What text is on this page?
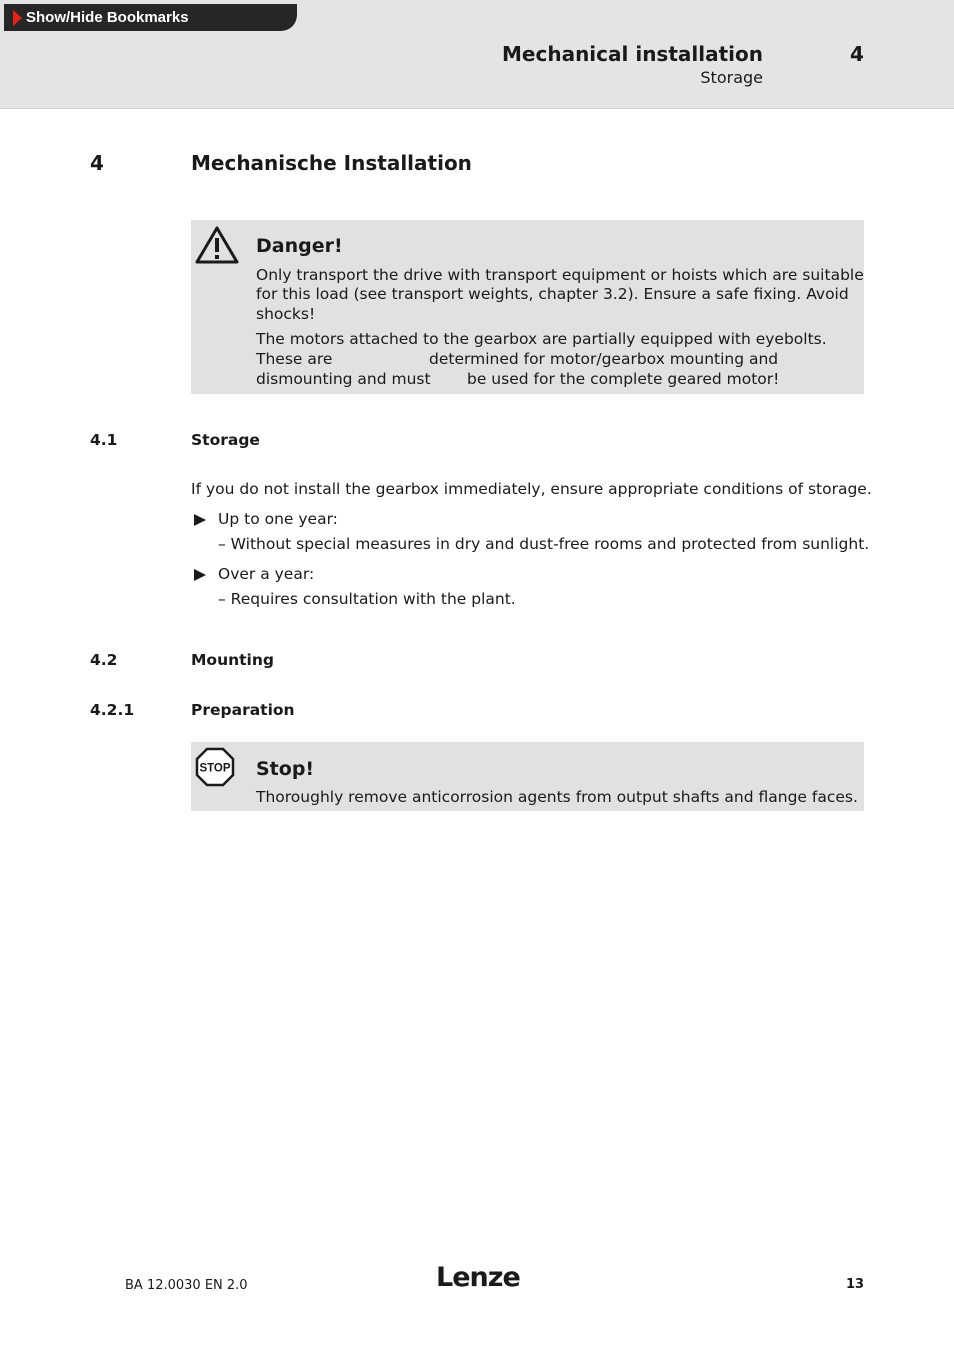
Show/Hide Bookmarks
Mechanical installation
Storage
4
4	Mechanische Installation
Danger!
Only transport the drive with transport equipment or hoists which are suitable
for this load (see transport weights, chapter 3.2). Ensure a safe fixing. Avoid
shocks!
The motors attached to the gearbox are partially equipped with eyebolts.
These are	determined for motor/gearbox mounting and
dismounting and must be used for the complete geared motor!
4.1	Storage
If you do not install the gearbox immediately, ensure appropriate conditions of storage.
Up to one year:
– Without special measures in dry and dust-free rooms and protected from sunlight.
Over a year:
– Requires consultation with the plant.
4.2	Mounting
4.2.1	Preparation
STOP Stop!
Thoroughly remove anticorrosion agents from output shafts and flange faces.
BA 12.0030 EN 2.0	Lenze	13
